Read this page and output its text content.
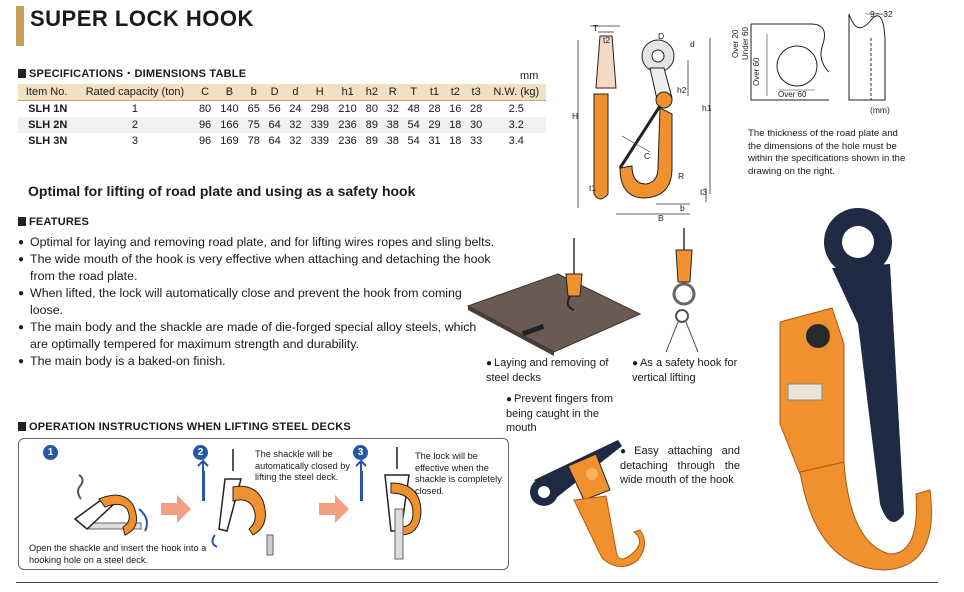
SUPER LOCK HOOK
SPECIFICATIONS・DIMENSIONS TABLE	mm
Item No.	Rated capacity (ton)	C	B	b	D	d	H	h1	h2	R	T	t1	t2	t3	N.W. (kg)
SLH 1N	1	80	140	65	56	24	298	210	80	32	48	28	16	28	2.5
SLH 2N	2	96	166	75	64	32	339	236	89	38	54	29	18	30	3.2
SLH 3N	3	96	169	78	64	32	339	236	89	38	54	31	18	33	3.4
Optimal for lifting of road plate and using as a safety hook
FEATURES
● Optimal for laying and removing road plate, and for lifting wires ropes and sling belts.
● The wide mouth of the hook is very effective when attaching and detaching the hook from the road plate.
● When lifted, the lock will automatically close and prevent the hook from coming loose.
● The main body and the shackle are made of die-forged special alloy steels, which are optimally tempered for maximum strength and durability.
● The main body is a baked-on finish.
OPERATION INSTRUCTIONS WHEN LIFTING STEEL DECKS
1
Open the shackle and insert the hook into a hooking hole on a steel deck.
2	The shackle will be automatically closed by lifting the steel deck.
3	The lock will be effective when the shackle is completely closed.
T
t2	D
d
H
h2
h1
C
R
t3
t1
b
B
9～32
Over 20 Under 60
Over 60
Over 60
(mm)
The thickness of the road plate and the dimensions of the hole must be within the specifications shown in the drawing on the right.
● Laying and removing of steel decks
● As a safety hook for vertical lifting
● Prevent fingers from being caught in the mouth
● Easy attaching and detaching through the wide mouth of the hook
